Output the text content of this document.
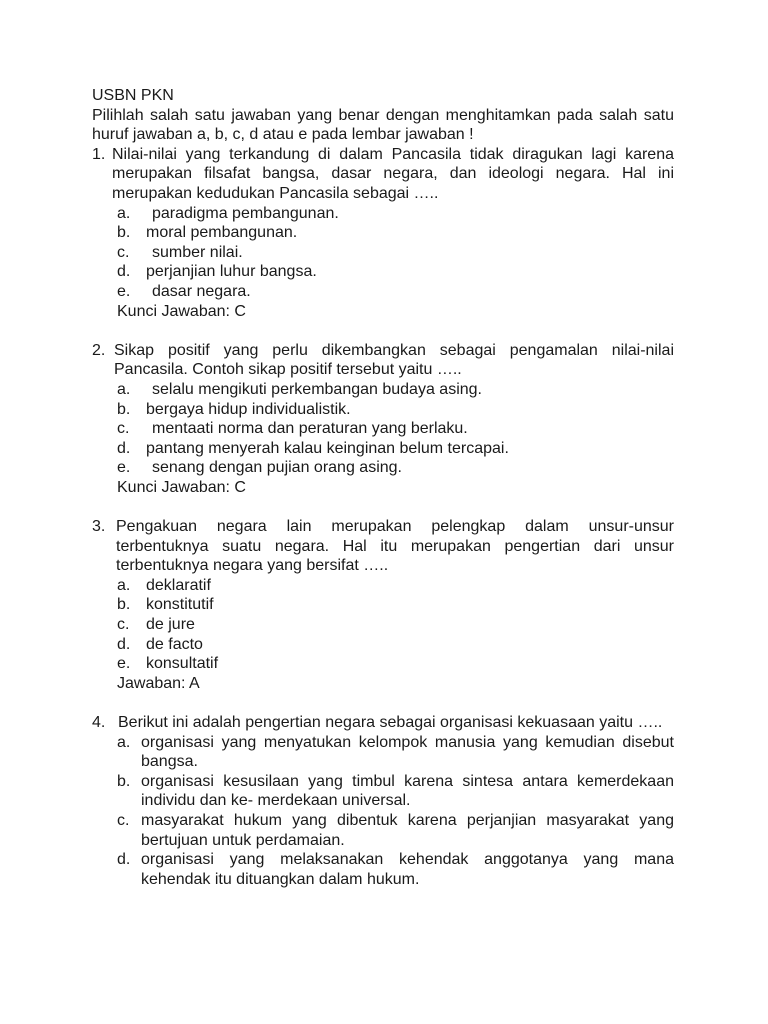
USBN PKN

Pilihlah salah satu jawaban yang benar dengan menghitamkan pada salah satu huruf jawaban a, b, c, d atau e pada lembar jawaban !

1. Nilai-nilai yang terkandung di dalam Pancasila tidak diragukan lagi karena merupakan filsafat bangsa, dasar negara, dan ideologi negara. Hal ini merupakan kedudukan Pancasila sebagai …..
a.	paradigma pembangunan.
b. moral pembangunan.
c.	sumber nilai.
d. perjanjian luhur bangsa.
e.	dasar negara.
Kunci Jawaban: C
2. Sikap positif yang perlu dikembangkan sebagai pengamalan nilai-nilai Pancasila. Contoh sikap positif tersebut yaitu …..
a.	selalu mengikuti perkembangan budaya asing.
b. bergaya hidup individualistik.
c.	mentaati norma dan peraturan yang berlaku.
d. pantang menyerah kalau keinginan belum tercapai.
e.	senang dengan pujian orang asing.
Kunci Jawaban: C
3. Pengakuan negara lain merupakan pelengkap dalam unsur-unsur terbentuknya suatu negara. Hal itu merupakan pengertian dari unsur terbentuknya negara yang bersifat …..
a. deklaratif
b. konstitutif
c.	de jure
d. de facto
e. konsultatif
Jawaban: A
4. Berikut ini adalah pengertian negara sebagai organisasi kekuasaan yaitu …..
a. organisasi yang menyatukan kelompok manusia yang kemudian disebut bangsa.
b. organisasi kesusilaan yang timbul karena sintesa antara kemerdekaan individu dan ke- merdekaan universal.
c. masyarakat hukum yang dibentuk karena perjanjian masyarakat yang bertujuan untuk perdamaian.
d. organisasi yang melaksanakan kehendak anggotanya yang mana kehendak itu dituangkan dalam hukum.
